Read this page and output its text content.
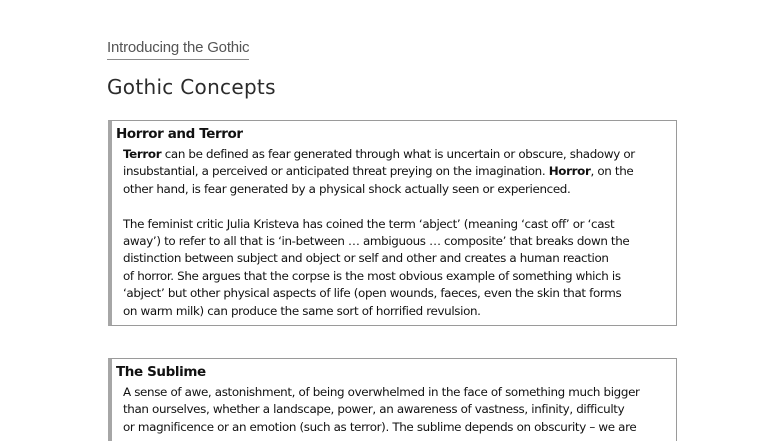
Introducing the Gothic
Gothic Concepts
Horror and Terror

Terror can be defined as fear generated through what is uncertain or obscure, shadowy or
insubstantial, a perceived or anticipated threat preying on the imagination. Horror, on the
other hand, is fear generated by a physical shock actually seen or experienced.

The feminist critic Julia Kristeva has coined the term ‘abject’ (meaning ‘cast off’ or ‘cast
away’) to refer to all that is ‘in-between … ambiguous … composite’ that breaks down the
distinction between subject and object or self and other and creates a human reaction
of horror. She argues that the corpse is the most obvious example of something which is
‘abject’ but other physical aspects of life (open wounds, faeces, even the skin that forms
on warm milk) can produce the same sort of horrified revulsion.

The Sublime

A sense of awe, astonishment, of being overwhelmed in the face of something much bigger
than ourselves, whether a landscape, power, an awareness of vastness, infinity, difficulty
or magnificence or an emotion (such as terror). The sublime depends on obscurity – we are
